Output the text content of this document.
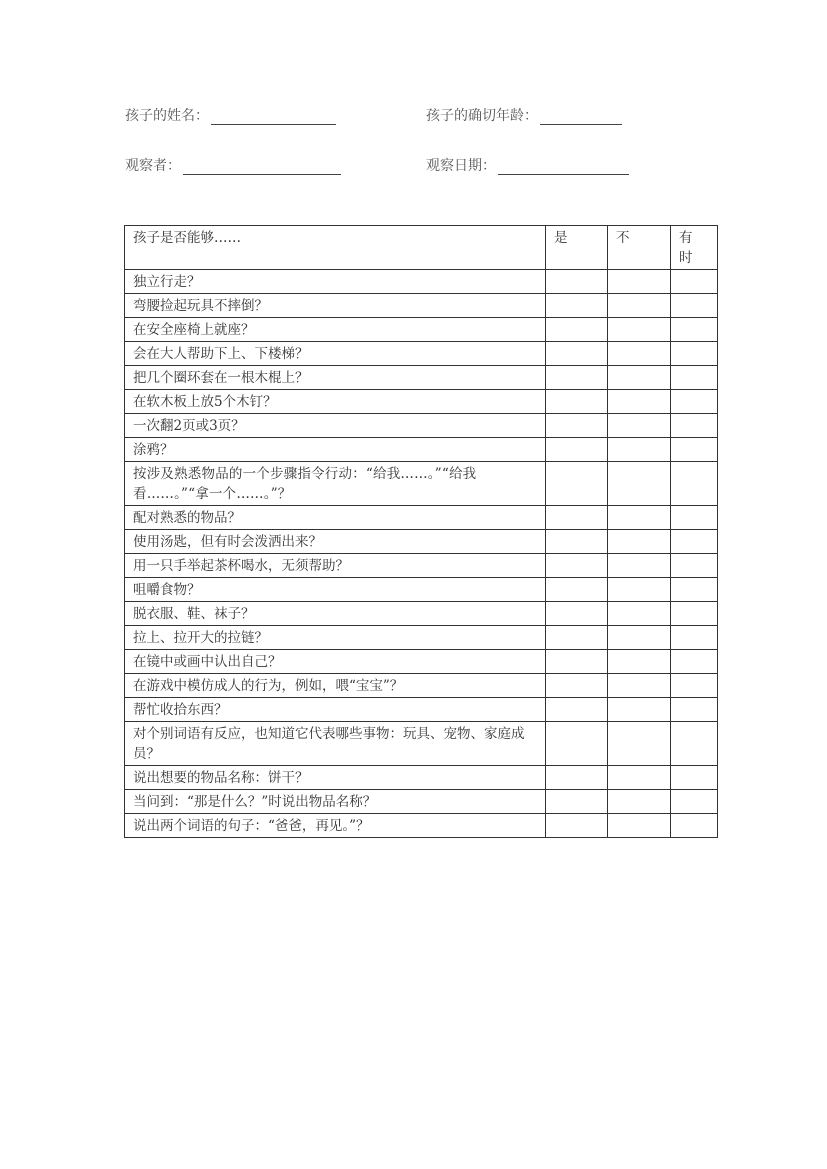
孩子的姓名：	孩子的确切年龄：
观察者：	观察日期：
孩子是否能够……	是	不	有时

独立行走？			
弯腰捡起玩具不摔倒？			
在安全座椅上就座？			
会在大人帮助下上、下楼梯？			
把几个圈环套在一根木棍上？			
在软木板上放5个木钉？			
一次翻2页或3页？			
涂鸦？			
按涉及熟悉物品的一个步骤指令行动：“给我……。”“给我看……。”“拿一个……。”？			
配对熟悉的物品？			
使用汤匙，但有时会泼洒出来？			
用一只手举起茶杯喝水，无须帮助？			
咀嚼食物？			
脱衣服、鞋、袜子？			
拉上、拉开大的拉链？			
在镜中或画中认出自己？			
在游戏中模仿成人的行为，例如，喂“宝宝”？			
帮忙收拾东西？			
对个别词语有反应，也知道它代表哪些事物：玩具、宠物、家庭成员？			
说出想要的物品名称：饼干？			
当问到：“那是什么？”时说出物品名称？			
说出两个词语的句子：“爸爸，再见。”？			
